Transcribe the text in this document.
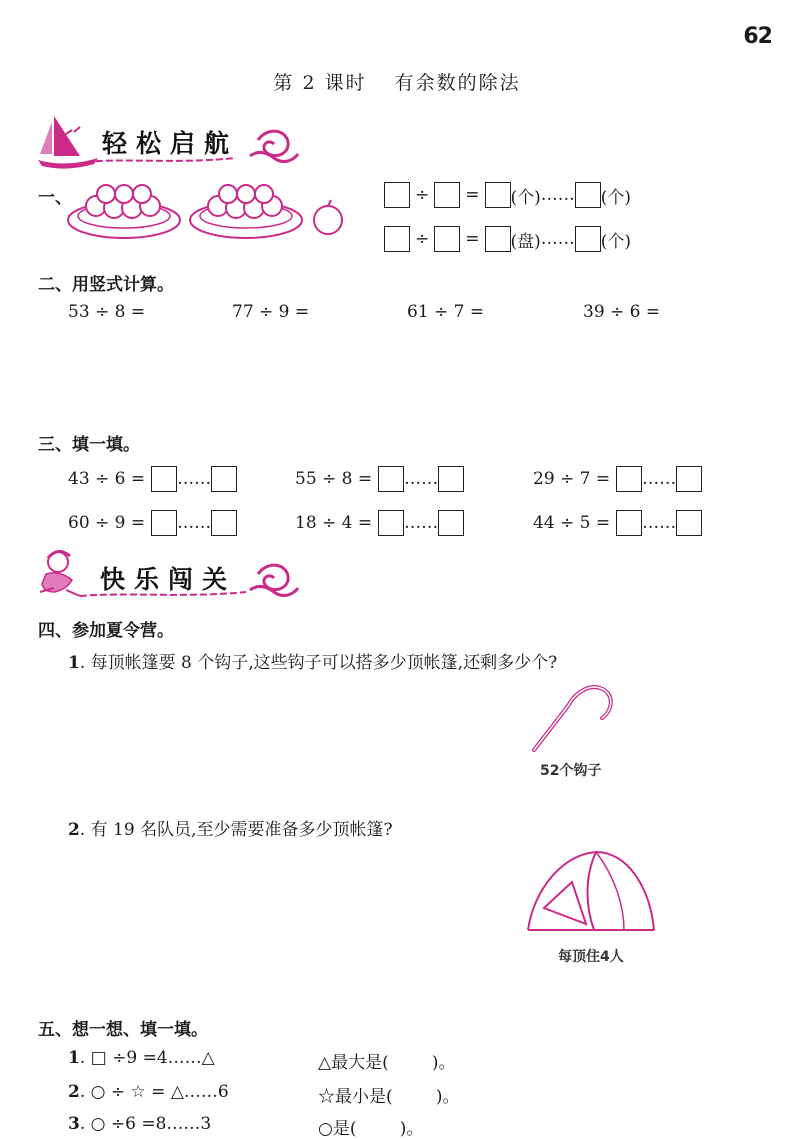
62
第 2 课时 有余数的除法
轻松启航
一、	÷ = (个) …… (个)
÷ = (盘) …… (个)
二、用竖式计算。
53 ÷ 8 =	77 ÷ 9 =	61 ÷ 7 =	39 ÷ 6 =
三、填一填。
43 ÷ 6 = ……	55 ÷ 8 = ……	29 ÷ 7 = ……
60 ÷ 9 = ……	18 ÷ 4 = ……	44 ÷ 5 = ……
快乐闯关
四、参加夏令营。
1. 每顶帐篷要 8 个钩子,这些钩子可以搭多少顶帐篷,还剩多少个?
52个钩子
2. 有 19 名队员,至少需要准备多少顶帐篷?
每顶住4人
五、想一想、填一填。
1. □ ÷9 =4……△	△最大是(        )。
2. ○ ÷ ☆ = △……6	☆最小是(        )。
3. ○ ÷6 =8……3	○是(        )。
